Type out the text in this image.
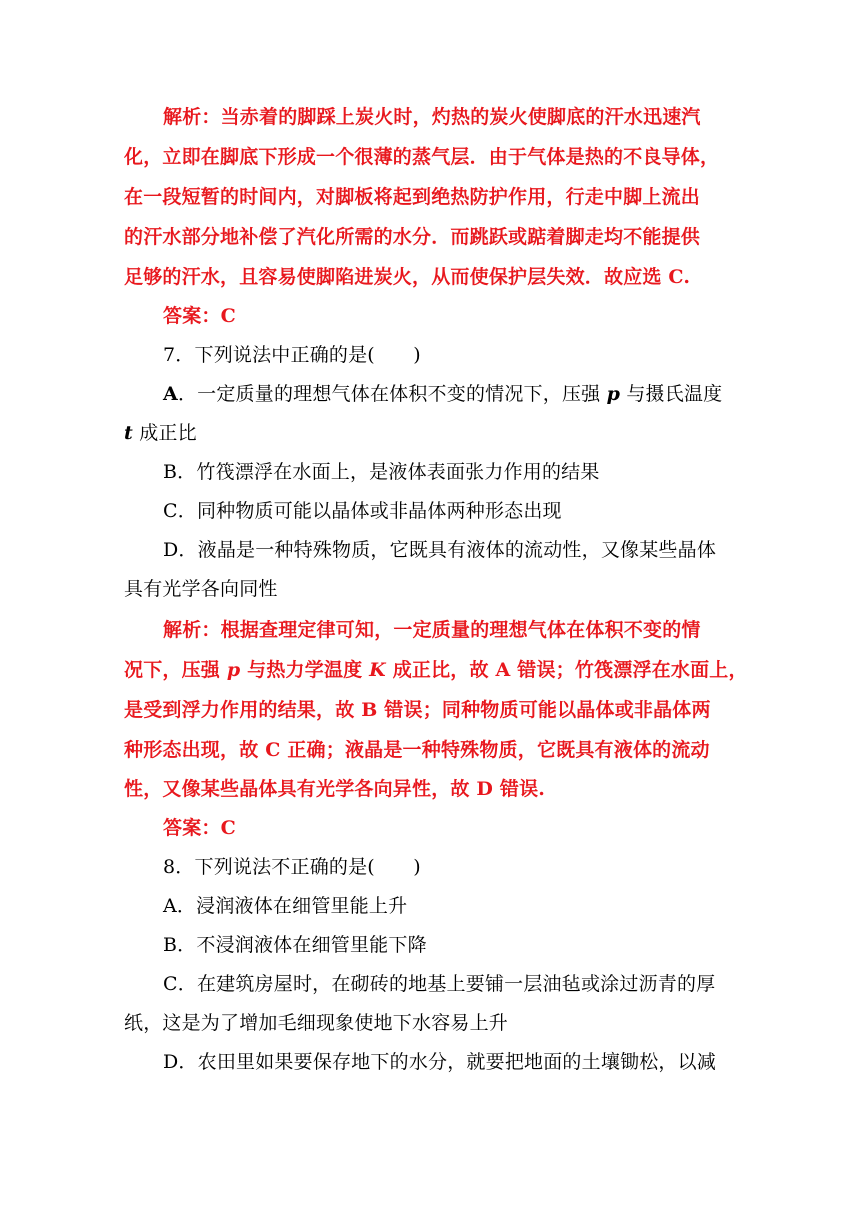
解析：当赤着的脚踩上炭火时，灼热的炭火使脚底的汗水迅速汽
化，立即在脚底下形成一个很薄的蒸气层．由于气体是热的不良导体，
在一段短暂的时间内，对脚板将起到绝热防护作用，行走中脚上流出
的汗水部分地补偿了汽化所需的水分．而跳跃或踮着脚走均不能提供
足够的汗水，且容易使脚陷进炭火，从而使保护层失效．故应选 C.
答案：C
7．下列说法中正确的是(　　)
A．一定质量的理想气体在体积不变的情况下，压强 p 与摄氏温度
t 成正比
B．竹筏漂浮在水面上，是液体表面张力作用的结果
C．同种物质可能以晶体或非晶体两种形态出现
D．液晶是一种特殊物质，它既具有液体的流动性，又像某些晶体
具有光学各向同性
解析：根据查理定律可知，一定质量的理想气体在体积不变的情
况下，压强 p 与热力学温度 K 成正比，故 A 错误；竹筏漂浮在水面上，
是受到浮力作用的结果，故 B 错误；同种物质可能以晶体或非晶体两
种形态出现，故 C 正确；液晶是一种特殊物质，它既具有液体的流动
性，又像某些晶体具有光学各向异性，故 D 错误.
答案：C
8．下列说法不正确的是(　　)
A．浸润液体在细管里能上升
B．不浸润液体在细管里能下降
C．在建筑房屋时，在砌砖的地基上要铺一层油毡或涂过沥青的厚
纸，这是为了增加毛细现象使地下水容易上升
D．农田里如果要保存地下的水分，就要把地面的土壤锄松，以减
